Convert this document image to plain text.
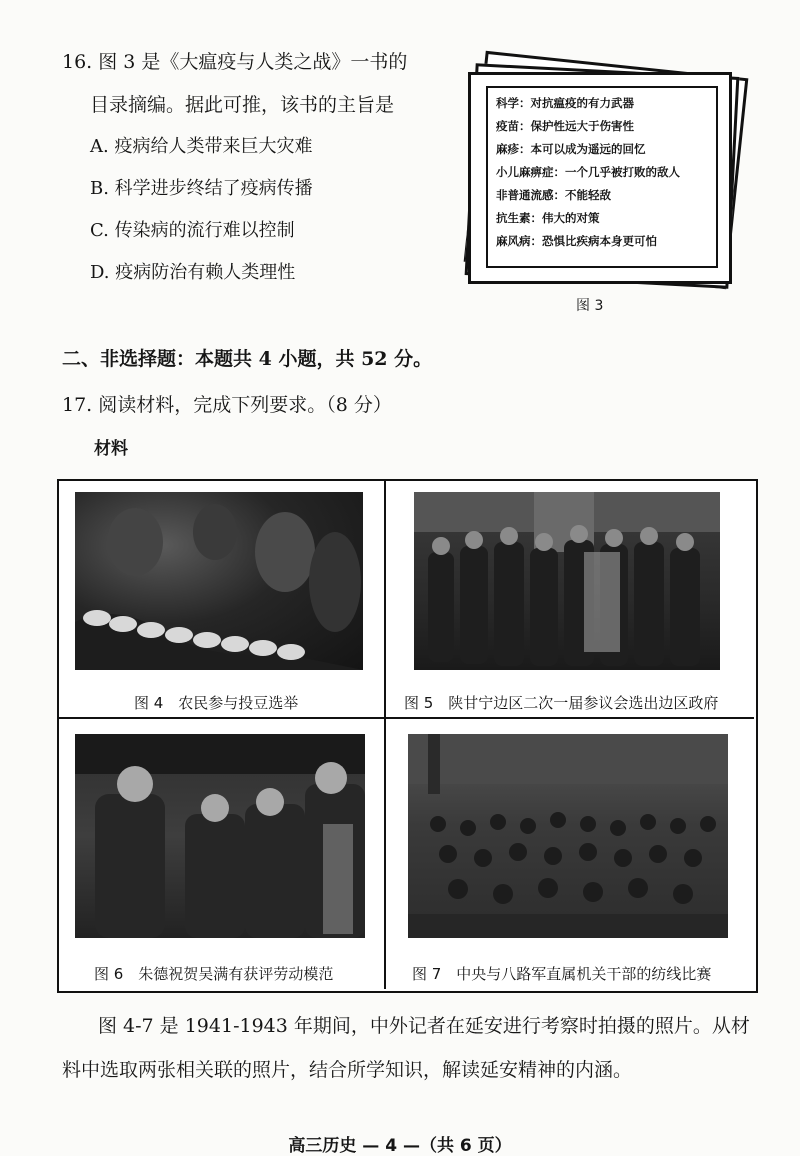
16. 图 3 是《大瘟疫与人类之战》一书的
目录摘编。据此可推，该书的主旨是
A. 疫病给人类带来巨大灾难
B. 科学进步终结了疫病传播
C. 传染病的流行难以控制
D. 疫病防治有赖人类理性
科学：对抗瘟疫的有力武器
疫苗：保护性远大于伤害性
麻疹：本可以成为遥远的回忆
小儿麻痹症：一个几乎被打败的敌人
非普通流感：不能轻敌
抗生素：伟大的对策
麻风病：恐惧比疾病本身更可怕
图 3
二、非选择题：本题共 4 小题，共 52 分。
17. 阅读材料，完成下列要求。（8 分）
材料
图 4　农民参与投豆选举	图 5　陕甘宁边区二次一届参议会选出边区政府
图 6　朱德祝贺吴满有获评劳动模范	图 7　中央与八路军直属机关干部的纺线比赛
图 4-7 是 1941-1943 年期间，中外记者在延安进行考察时拍摄的照片。从材
料中选取两张相关联的照片，结合所学知识，解读延安精神的内涵。
高三历史 — 4 —（共 6 页）
